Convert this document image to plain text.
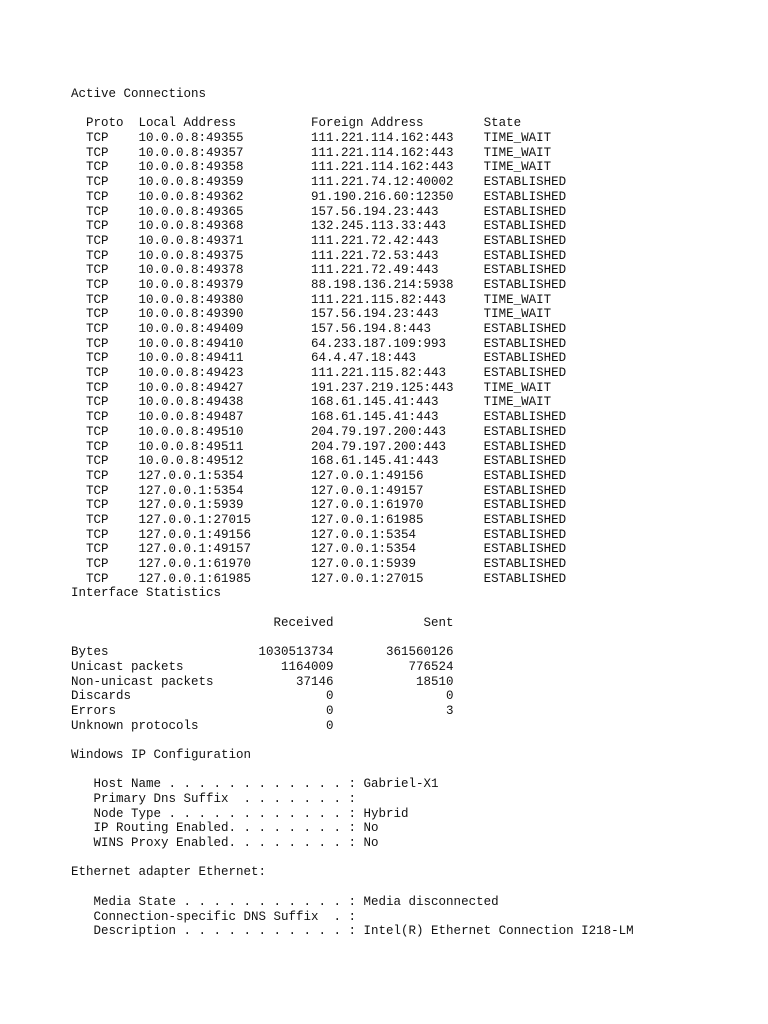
Active Connections
Proto  Local Address          Foreign Address        State
TCP    10.0.0.8:49355         111.221.114.162:443    TIME_WAIT
TCP    10.0.0.8:49357         111.221.114.162:443    TIME_WAIT
TCP    10.0.0.8:49358         111.221.114.162:443    TIME_WAIT
TCP    10.0.0.8:49359         111.221.74.12:40002    ESTABLISHED
TCP    10.0.0.8:49362         91.190.216.60:12350    ESTABLISHED
TCP    10.0.0.8:49365         157.56.194.23:443      ESTABLISHED
TCP    10.0.0.8:49368         132.245.113.33:443     ESTABLISHED
TCP    10.0.0.8:49371         111.221.72.42:443      ESTABLISHED
TCP    10.0.0.8:49375         111.221.72.53:443      ESTABLISHED
TCP    10.0.0.8:49378         111.221.72.49:443      ESTABLISHED
TCP    10.0.0.8:49379         88.198.136.214:5938    ESTABLISHED
TCP    10.0.0.8:49380         111.221.115.82:443     TIME_WAIT
TCP    10.0.0.8:49390         157.56.194.23:443      TIME_WAIT
TCP    10.0.0.8:49409         157.56.194.8:443       ESTABLISHED
TCP    10.0.0.8:49410         64.233.187.109:993     ESTABLISHED
TCP    10.0.0.8:49411         64.4.47.18:443         ESTABLISHED
TCP    10.0.0.8:49423         111.221.115.82:443     ESTABLISHED
TCP    10.0.0.8:49427         191.237.219.125:443    TIME_WAIT
TCP    10.0.0.8:49438         168.61.145.41:443      TIME_WAIT
TCP    10.0.0.8:49487         168.61.145.41:443      ESTABLISHED
TCP    10.0.0.8:49510         204.79.197.200:443     ESTABLISHED
TCP    10.0.0.8:49511         204.79.197.200:443     ESTABLISHED
TCP    10.0.0.8:49512         168.61.145.41:443      ESTABLISHED
TCP    127.0.0.1:5354         127.0.0.1:49156        ESTABLISHED
TCP    127.0.0.1:5354         127.0.0.1:49157        ESTABLISHED
TCP    127.0.0.1:5939         127.0.0.1:61970        ESTABLISHED
TCP    127.0.0.1:27015        127.0.0.1:61985        ESTABLISHED
TCP    127.0.0.1:49156        127.0.0.1:5354         ESTABLISHED
TCP    127.0.0.1:49157        127.0.0.1:5354         ESTABLISHED
TCP    127.0.0.1:61970        127.0.0.1:5939         ESTABLISHED
TCP    127.0.0.1:61985        127.0.0.1:27015        ESTABLISHED
Interface Statistics
Received            Sent
Bytes                    1030513734       361560126
Unicast packets             1164009          776524
Non-unicast packets           37146           18510
Discards                          0               0
Errors                            0               3
Unknown protocols                 0
Windows IP Configuration
Host Name . . . . . . . . . . . . : Gabriel-X1
Primary Dns Suffix  . . . . . . . :
Node Type . . . . . . . . . . . . : Hybrid
IP Routing Enabled. . . . . . . . : No
WINS Proxy Enabled. . . . . . . . : No
Ethernet adapter Ethernet:
Media State . . . . . . . . . . . : Media disconnected
Connection-specific DNS Suffix  . :
Description . . . . . . . . . . . : Intel(R) Ethernet Connection I218-LM
